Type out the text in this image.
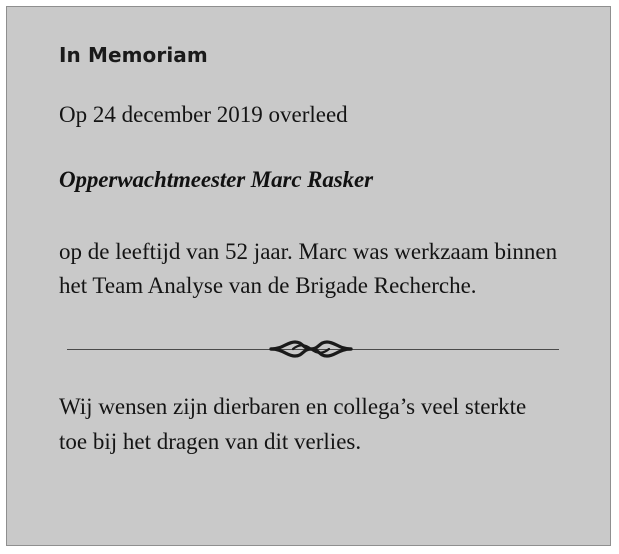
In Memoriam

Op 24 december 2019 overleed

Opperwachtmeester Marc Rasker

op de leeftijd van 52 jaar. Marc was werkzaam binnen het Team Analyse van de Brigade Recherche.

Wij wensen zijn dierbaren en collega’s veel sterkte toe bij het dragen van dit verlies.
